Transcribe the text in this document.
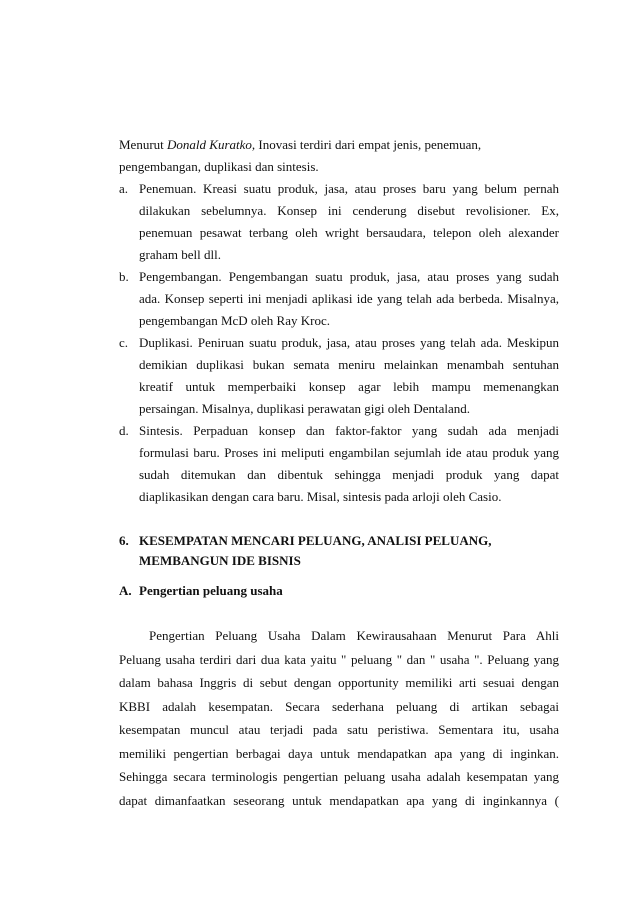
Menurut Donald Kuratko, Inovasi terdiri dari empat jenis, penemuan,
pengembangan, duplikasi dan sintesis.
a. Penemuan. Kreasi suatu produk, jasa, atau proses baru yang belum pernah
dilakukan sebelumnya. Konsep ini cenderung disebut revolisioner. Ex,
penemuan pesawat terbang oleh wright bersaudara, telepon oleh alexander
graham bell dll.
b. Pengembangan. Pengembangan suatu produk, jasa, atau proses yang sudah
ada. Konsep seperti ini menjadi aplikasi ide yang telah ada berbeda. Misalnya,
pengembangan McD oleh Ray Kroc.
c. Duplikasi. Peniruan suatu produk, jasa, atau proses yang telah ada. Meskipun
demikian duplikasi bukan semata meniru melainkan menambah sentuhan
kreatif untuk memperbaiki konsep agar lebih mampu memenangkan
persaingan. Misalnya, duplikasi perawatan gigi oleh Dentaland.
d. Sintesis. Perpaduan konsep dan faktor-faktor yang sudah ada menjadi
formulasi baru. Proses ini meliputi engambilan sejumlah ide atau produk yang
sudah ditemukan dan dibentuk sehingga menjadi produk yang dapat
diaplikasikan dengan cara baru. Misal, sintesis pada arloji oleh Casio.
6. KESEMPATAN MENCARI PELUANG, ANALISI PELUANG,
MEMBANGUN IDE BISNIS
A. Pengertian peluang usaha
Pengertian Peluang Usaha Dalam Kewirausahaan Menurut Para Ahli
Peluang usaha terdiri dari dua kata yaitu " peluang " dan " usaha ". Peluang yang
dalam bahasa Inggris di sebut dengan opportunity memiliki arti sesuai dengan
KBBI adalah kesempatan. Secara sederhana peluang di artikan sebagai
kesempatan muncul atau terjadi pada satu peristiwa. Sementara itu, usaha
memiliki pengertian berbagai daya untuk mendapatkan apa yang di inginkan.
Sehingga secara terminologis pengertian peluang usaha adalah kesempatan yang
dapat dimanfaatkan seseorang untuk mendapatkan apa yang di inginkannya (
